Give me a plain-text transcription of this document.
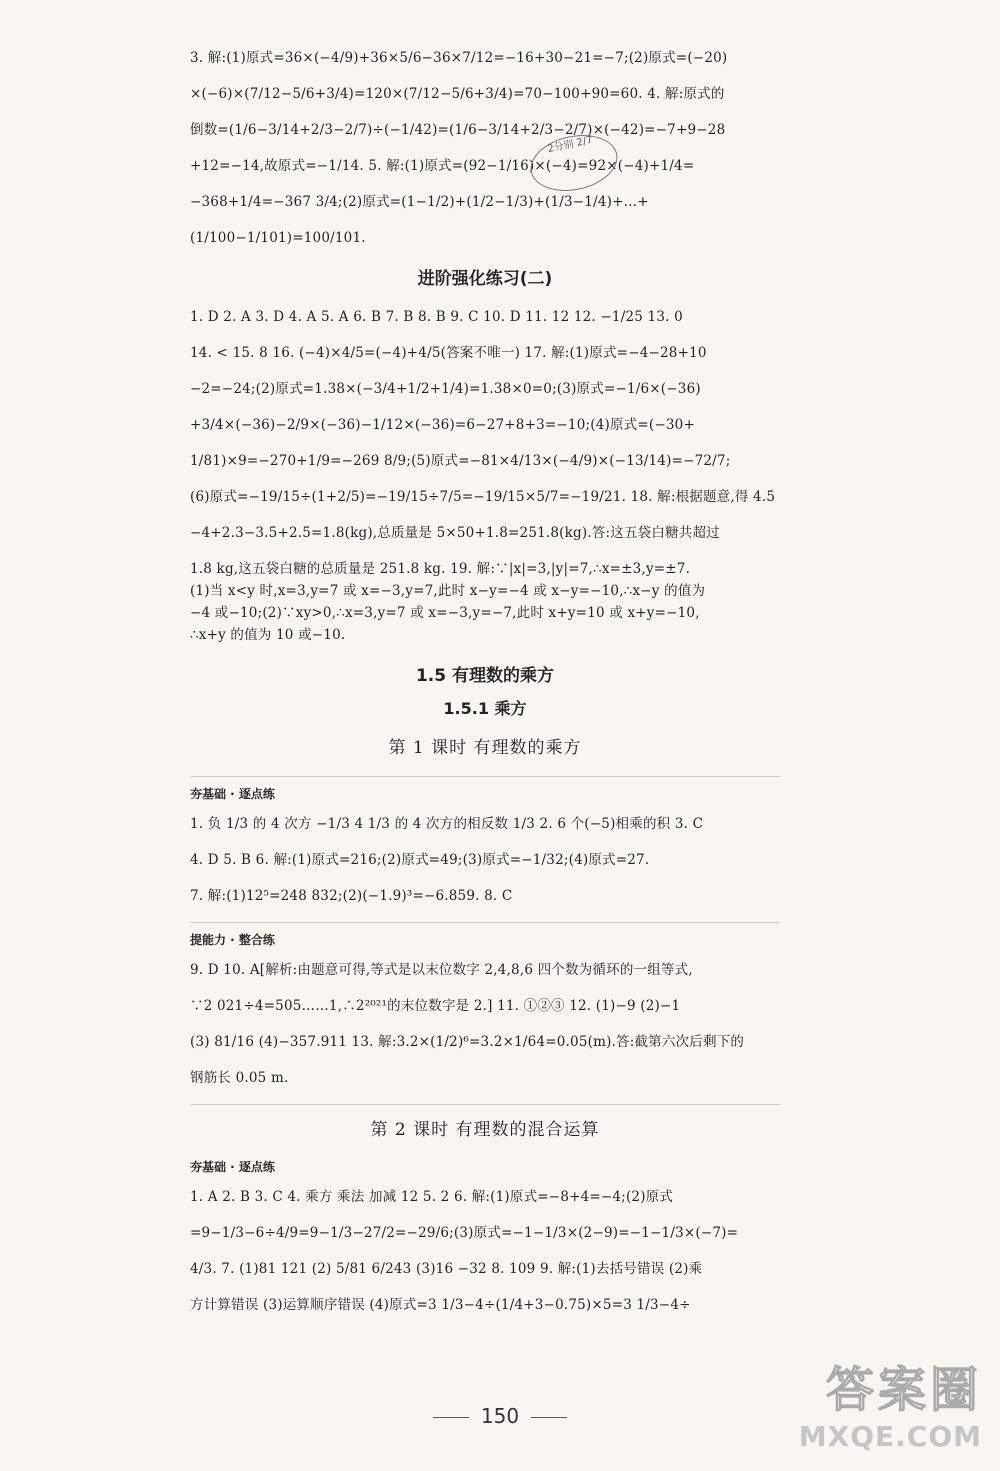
3. 解:(1)原式=36×(−4/9)+36×5/6−36×7/12=−16+30−21=−7;(2)原式=(−20)

×(−6)×(7/12−5/6+3/4)=120×(7/12−5/6+3/4)=70−100+90=60. 4. 解:原式的

倒数=(1/6−3/14+2/3−2/7)÷(−1/42)=(1/6−3/14+2/3−2/7)×(−42)=−7+9−28

+12=−14,故原式=−1/14. 5. 解:(1)原式=(92−1/16)×(−4)=92×(−4)+1/4=

−368+1/4=−367 3/4;(2)原式=(1−1/2)+(1/2−1/3)+(1/3−1/4)+…+

(1/100−1/101)=100/101.

进阶强化练习(二)

1. D 2. A 3. D 4. A 5. A 6. B 7. B 8. B 9. C 10. D 11. 12 12. −1/25 13. 0

14. < 15. 8 16. (−4)×4/5=(−4)+4/5(答案不唯一) 17. 解:(1)原式=−4−28+10

−2=−24;(2)原式=1.38×(−3/4+1/2+1/4)=1.38×0=0;(3)原式=−1/6×(−36)

+3/4×(−36)−2/9×(−36)−1/12×(−36)=6−27+8+3=−10;(4)原式=(−30+

1/81)×9=−270+1/9=−269 8/9;(5)原式=−81×4/13×(−4/9)×(−13/14)=−72/7;

(6)原式=−19/15÷(1+2/5)=−19/15÷7/5=−19/15×5/7=−19/21. 18. 解:根据题意,得 4.5

−4+2.3−3.5+2.5=1.8(kg),总质量是 5×50+1.8=251.8(kg).答:这五袋白糖共超过

1.8 kg,这五袋白糖的总质量是 251.8 kg. 19. 解:∵|x|=3,|y|=7,∴x=±3,y=±7.

(1)当 x<y 时,x=3,y=7 或 x=−3,y=7,此时 x−y=−4 或 x−y=−10,∴x−y 的值为

−4 或−10;(2)∵xy>0,∴x=3,y=7 或 x=−3,y=−7,此时 x+y=10 或 x+y=−10,

∴x+y 的值为 10 或−10.

1.5 有理数的乘方
1.5.1 乘方
第 1 课时 有理数的乘方
夯基础 · 逐点练

1. 负 1/3 的 4 次方 −1/3 4 1/3 的 4 次方的相反数 1/3 2. 6 个(−5)相乘的积 3. C

4. D 5. B 6. 解:(1)原式=216;(2)原式=49;(3)原式=−1/32;(4)原式=27.

7. 解:(1)12⁵=248 832;(2)(−1.9)³=−6.859. 8. C

提能力 · 整合练

9. D 10. A[解析:由题意可得,等式是以末位数字 2,4,8,6 四个数为循环的一组等式,

∵2 021÷4=505……1,∴2²⁰²¹的末位数字是 2.] 11. ①②③ 12. (1)−9 (2)−1

(3) 81/16 (4)−357.911 13. 解:3.2×(1/2)⁶=3.2×1/64=0.05(m).答:截第六次后剩下的

钢筋长 0.05 m.

第 2 课时 有理数的混合运算
夯基础 · 逐点练

1. A 2. B 3. C 4. 乘方 乘法 加减 12 5. 2 6. 解:(1)原式=−8+4=−4;(2)原式

=9−1/3−6÷4/9=9−1/3−27/2=−29/6;(3)原式=−1−1/3×(2−9)=−1−1/3×(−7)=

4/3. 7. (1)81 121 (2) 5/81 6/243 (3)16 −32 8. 109 9. 解:(1)去括号错误 (2)乘

方计算错误 (3)运算顺序错误 (4)原式=3 1/3−4÷(1/4+3−0.75)×5=3 1/3−4÷

2分别 2/7
150	答案圈
MXQE.COM
